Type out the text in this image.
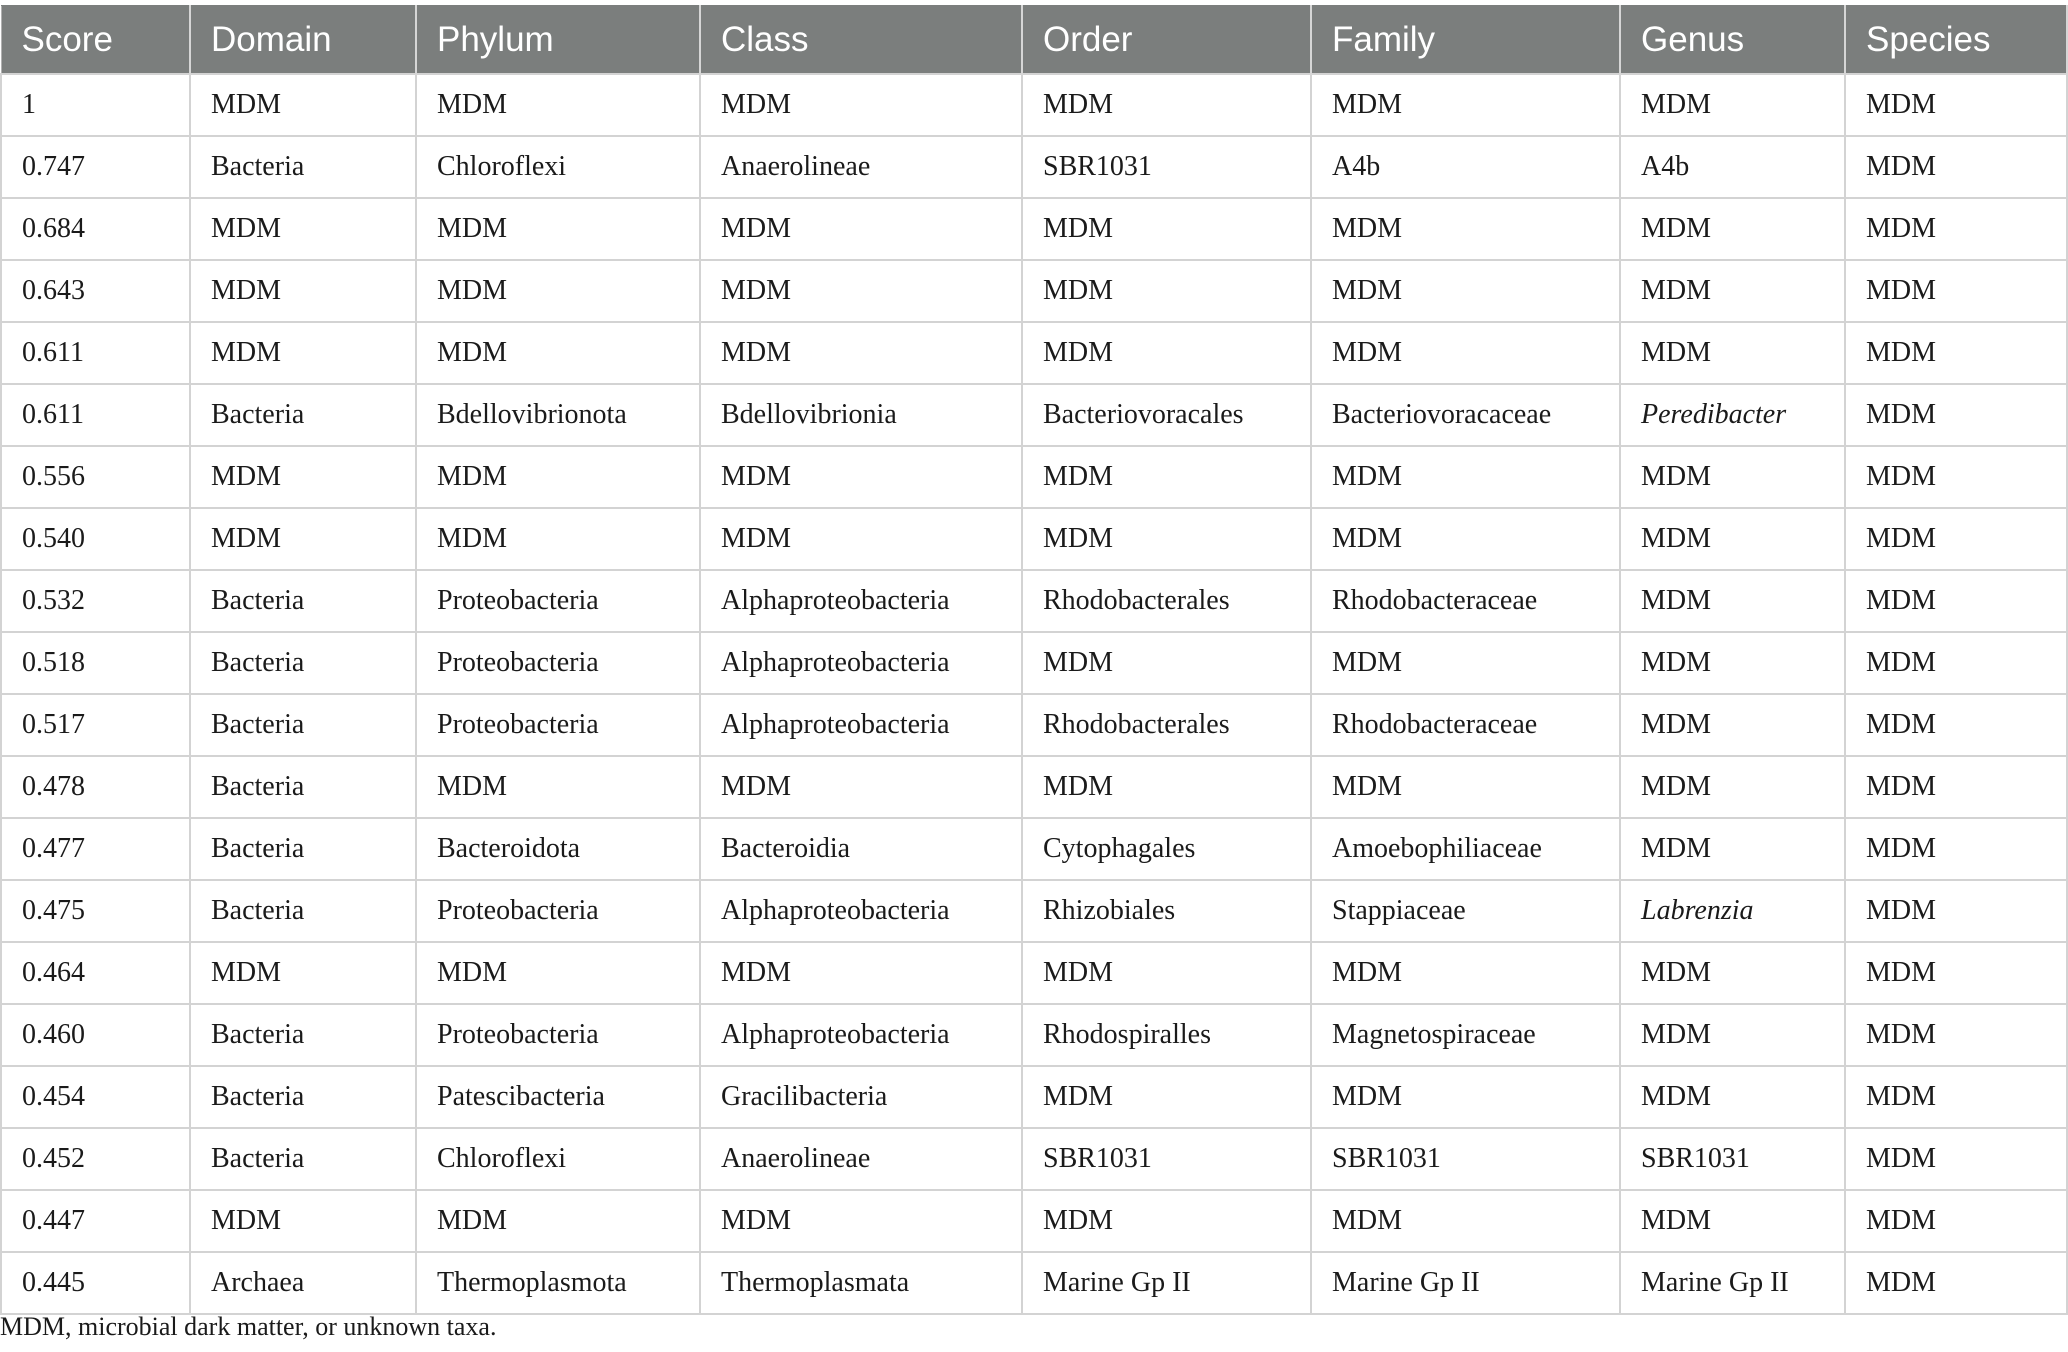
Score	Domain	Phylum	Class	Order	Family	Genus	Species
1	MDM	MDM	MDM	MDM	MDM	MDM	MDM
0.747	Bacteria	Chloroflexi	Anaerolineae	SBR1031	A4b	A4b	MDM
0.684	MDM	MDM	MDM	MDM	MDM	MDM	MDM
0.643	MDM	MDM	MDM	MDM	MDM	MDM	MDM
0.611	MDM	MDM	MDM	MDM	MDM	MDM	MDM
0.611	Bacteria	Bdellovibrionota	Bdellovibrionia	Bacteriovoracales	Bacteriovoracaceae	Peredibacter	MDM
0.556	MDM	MDM	MDM	MDM	MDM	MDM	MDM
0.540	MDM	MDM	MDM	MDM	MDM	MDM	MDM
0.532	Bacteria	Proteobacteria	Alphaproteobacteria	Rhodobacterales	Rhodobacteraceae	MDM	MDM
0.518	Bacteria	Proteobacteria	Alphaproteobacteria	MDM	MDM	MDM	MDM
0.517	Bacteria	Proteobacteria	Alphaproteobacteria	Rhodobacterales	Rhodobacteraceae	MDM	MDM
0.478	Bacteria	MDM	MDM	MDM	MDM	MDM	MDM
0.477	Bacteria	Bacteroidota	Bacteroidia	Cytophagales	Amoebophiliaceae	MDM	MDM
0.475	Bacteria	Proteobacteria	Alphaproteobacteria	Rhizobiales	Stappiaceae	Labrenzia	MDM
0.464	MDM	MDM	MDM	MDM	MDM	MDM	MDM
0.460	Bacteria	Proteobacteria	Alphaproteobacteria	Rhodospiralles	Magnetospiraceae	MDM	MDM
0.454	Bacteria	Patescibacteria	Gracilibacteria	MDM	MDM	MDM	MDM
0.452	Bacteria	Chloroflexi	Anaerolineae	SBR1031	SBR1031	SBR1031	MDM
0.447	MDM	MDM	MDM	MDM	MDM	MDM	MDM
0.445	Archaea	Thermoplasmota	Thermoplasmata	Marine Gp II	Marine Gp II	Marine Gp II	MDM
MDM, microbial dark matter, or unknown taxa.
